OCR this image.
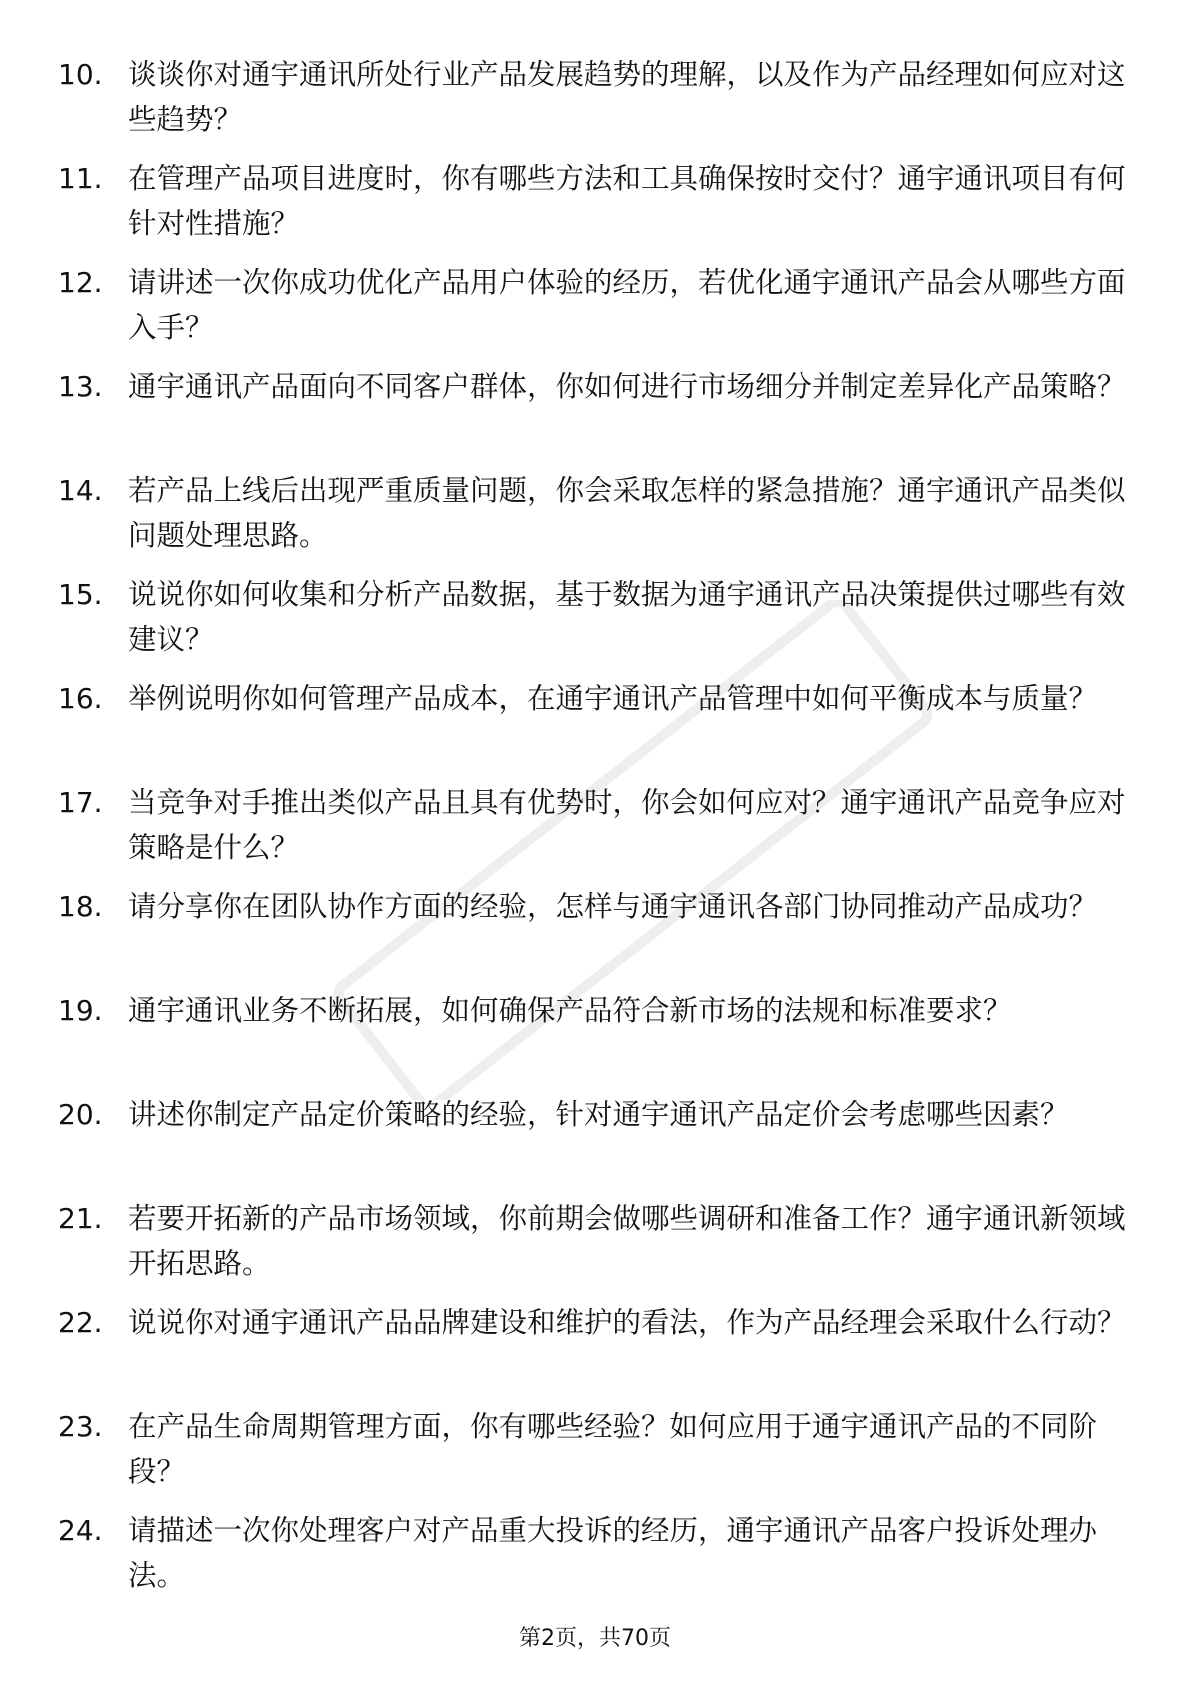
10. 谈谈你对通宇通讯所处行业产品发展趋势的理解，以及作为产品经理如何应对这些趋势？
11. 在管理产品项目进度时，你有哪些方法和工具确保按时交付？通宇通讯项目有何针对性措施？
12. 请讲述一次你成功优化产品用户体验的经历，若优化通宇通讯产品会从哪些方面入手？
13. 通宇通讯产品面向不同客户群体，你如何进行市场细分并制定差异化产品策略？
14. 若产品上线后出现严重质量问题，你会采取怎样的紧急措施？通宇通讯产品类似问题处理思路。
15. 说说你如何收集和分析产品数据，基于数据为通宇通讯产品决策提供过哪些有效建议？
16. 举例说明你如何管理产品成本，在通宇通讯产品管理中如何平衡成本与质量？
17. 当竞争对手推出类似产品且具有优势时，你会如何应对？通宇通讯产品竞争应对策略是什么？
18. 请分享你在团队协作方面的经验，怎样与通宇通讯各部门协同推动产品成功？
19. 通宇通讯业务不断拓展，如何确保产品符合新市场的法规和标准要求？
20. 讲述你制定产品定价策略的经验，针对通宇通讯产品定价会考虑哪些因素？
21. 若要开拓新的产品市场领域，你前期会做哪些调研和准备工作？通宇通讯新领域开拓思路。
22. 说说你对通宇通讯产品品牌建设和维护的看法，作为产品经理会采取什么行动？
23. 在产品生命周期管理方面，你有哪些经验？如何应用于通宇通讯产品的不同阶段？
24. 请描述一次你处理客户对产品重大投诉的经历，通宇通讯产品客户投诉处理办法。
第2页，共70页
